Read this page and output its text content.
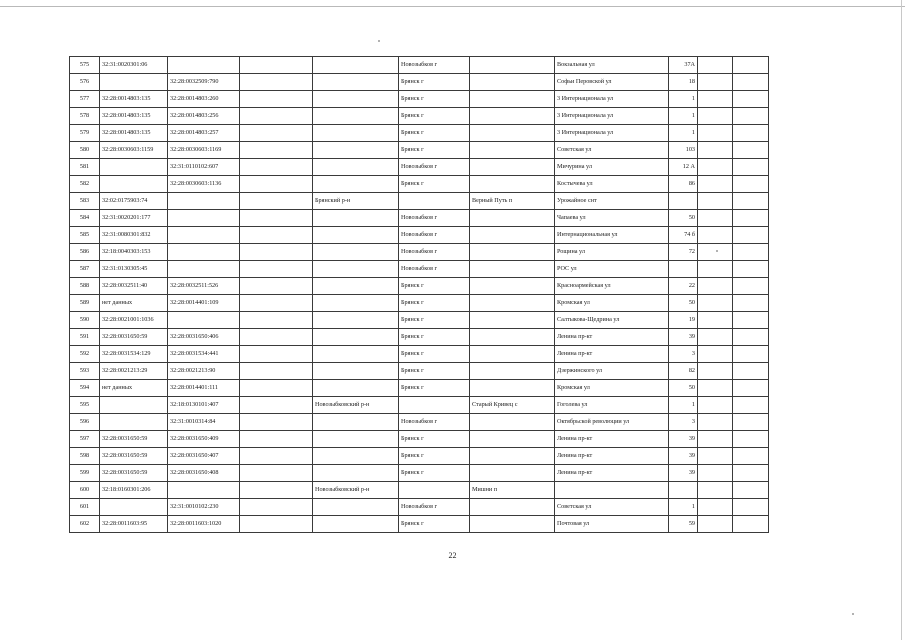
575	32:31:0020301:06				Новозыбков г		Вокзальная ул	37А		
576		32:28:0032509:790			Брянск г		Софьи Перовской ул	18		
577	32:28:0014803:135	32:28:0014803:260			Брянск г		3 Интернационала ул	1		
578	32:28:0014803:135	32:28:0014803:256			Брянск г		3 Интернационала ул	1		
579	32:28:0014803:135	32:28:0014803:257			Брянск г		3 Интернационала ул	1		
580	32:28:0030603:1159	32:28:0030603:1169			Брянск г		Советская ул	103		
581		32:31:0110102:607			Новозыбков г		Мичурина ул	12 А		
582		32:28:0030603:1136			Брянск г		Костычева ул	86		
583	32:02:0175903:74			Брянский р-н		Верный Путь п	Урожайное снт			
584	32:31:0020201:177				Новозыбков г		Чапаева ул	50		
585	32:31:0080301:832				Новозыбков г		Интернациональная ул	74 б		
586	32:18:0040303:153				Новозыбков г		Рощина ул	72		
587	32:31:0130305:45				Новозыбков г		РОС ул			
588	32:28:0032511:40	32:28:0032511:526			Брянск г		Красноармейская ул	22		
589	нет данных	32:28:0014401:109			Брянск г		Кромская ул	50		
590	32:28:0021001:1036				Брянск г		Салтыкова-Щедрина ул	19		
591	32:28:0031650:59	32:28:0031650:406			Брянск г		Ленина пр-кт	39		
592	32:28:0031534:129	32:28:0031534:441			Брянск г		Ленина пр-кт	3		
593	32:28:0021213:29	32:28:0021213:90			Брянск г		Дзержинского ул	82		
594	нет данных	32:28:0014401:111			Брянск г		Кромская ул	50		
595		32:18:0130101:407		Новозыбковский р-н		Старый Кривец с	Гоголева ул	1		
596		32:31:0010314:84			Новозыбков г		Октябрьской революции ул	3		
597	32:28:0031650:59	32:28:0031650:409			Брянск г		Ленина пр-кт	39		
598	32:28:0031650:59	32:28:0031650:407			Брянск г		Ленина пр-кт	39		
599	32:28:0031650:59	32:28:0031650:408			Брянск г		Ленина пр-кт	39		
600	32:18:0160301:206			Новозыбковский р-н		Мишни п				
601		32:31:0010102:230			Новозыбков г		Советская ул	1		
602	32:28:0011603:95	32:28:0011603:1020			Брянск г		Почтовая ул	59		
22
